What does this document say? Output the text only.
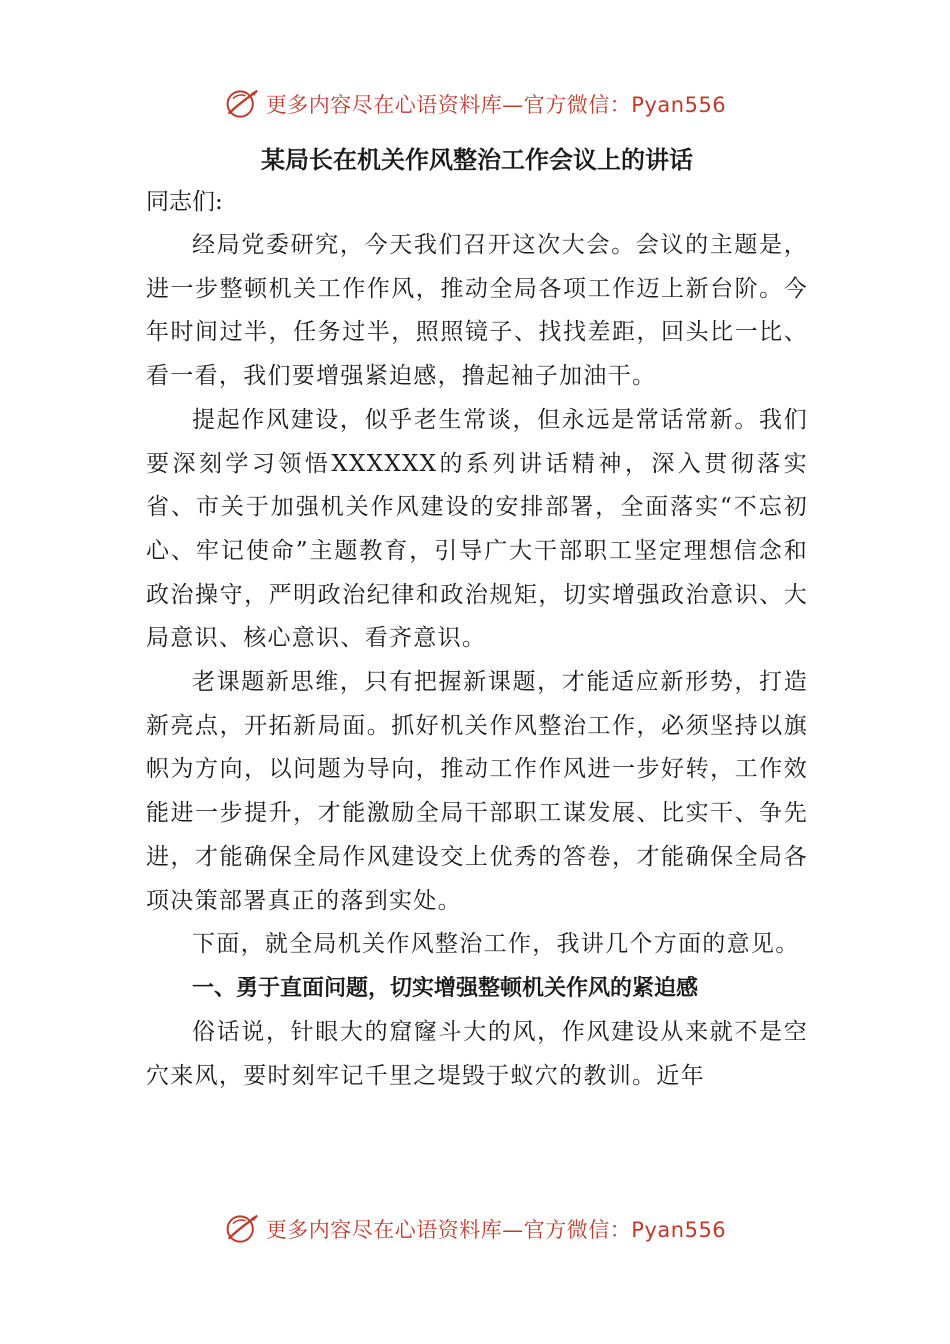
更多内容尽在心语资料库—官方微信：Pyan556
某局长在机关作风整治工作会议上的讲话

同志们:

经局党委研究，今天我们召开这次大会。会议的主题是，进一步整顿机关工作作风，推动全局各项工作迈上新台阶。今年时间过半，任务过半，照照镜子、找找差距，回头比一比、看一看，我们要增强紧迫感，撸起袖子加油干。

提起作风建设，似乎老生常谈，但永远是常话常新。我们要深刻学习领悟XXXXXX的系列讲话精神，深入贯彻落实省、市关于加强机关作风建设的安排部署，全面落实“不忘初心、牢记使命”主题教育，引导广大干部职工坚定理想信念和政治操守，严明政治纪律和政治规矩，切实增强政治意识、大局意识、核心意识、看齐意识。

老课题新思维，只有把握新课题，才能适应新形势，打造新亮点，开拓新局面。抓好机关作风整治工作，必须坚持以旗帜为方向，以问题为导向，推动工作作风进一步好转，工作效能进一步提升，才能激励全局干部职工谋发展、比实干、争先进，才能确保全局作风建设交上优秀的答卷，才能确保全局各项决策部署真正的落到实处。

下面，就全局机关作风整治工作，我讲几个方面的意见。

一、勇于直面问题，切实增强整顿机关作风的紧迫感

俗话说，针眼大的窟窿斗大的风，作风建设从来就不是空穴来风，要时刻牢记千里之堤毁于蚁穴的教训。近年

更多内容尽在心语资料库—官方微信：Pyan556
